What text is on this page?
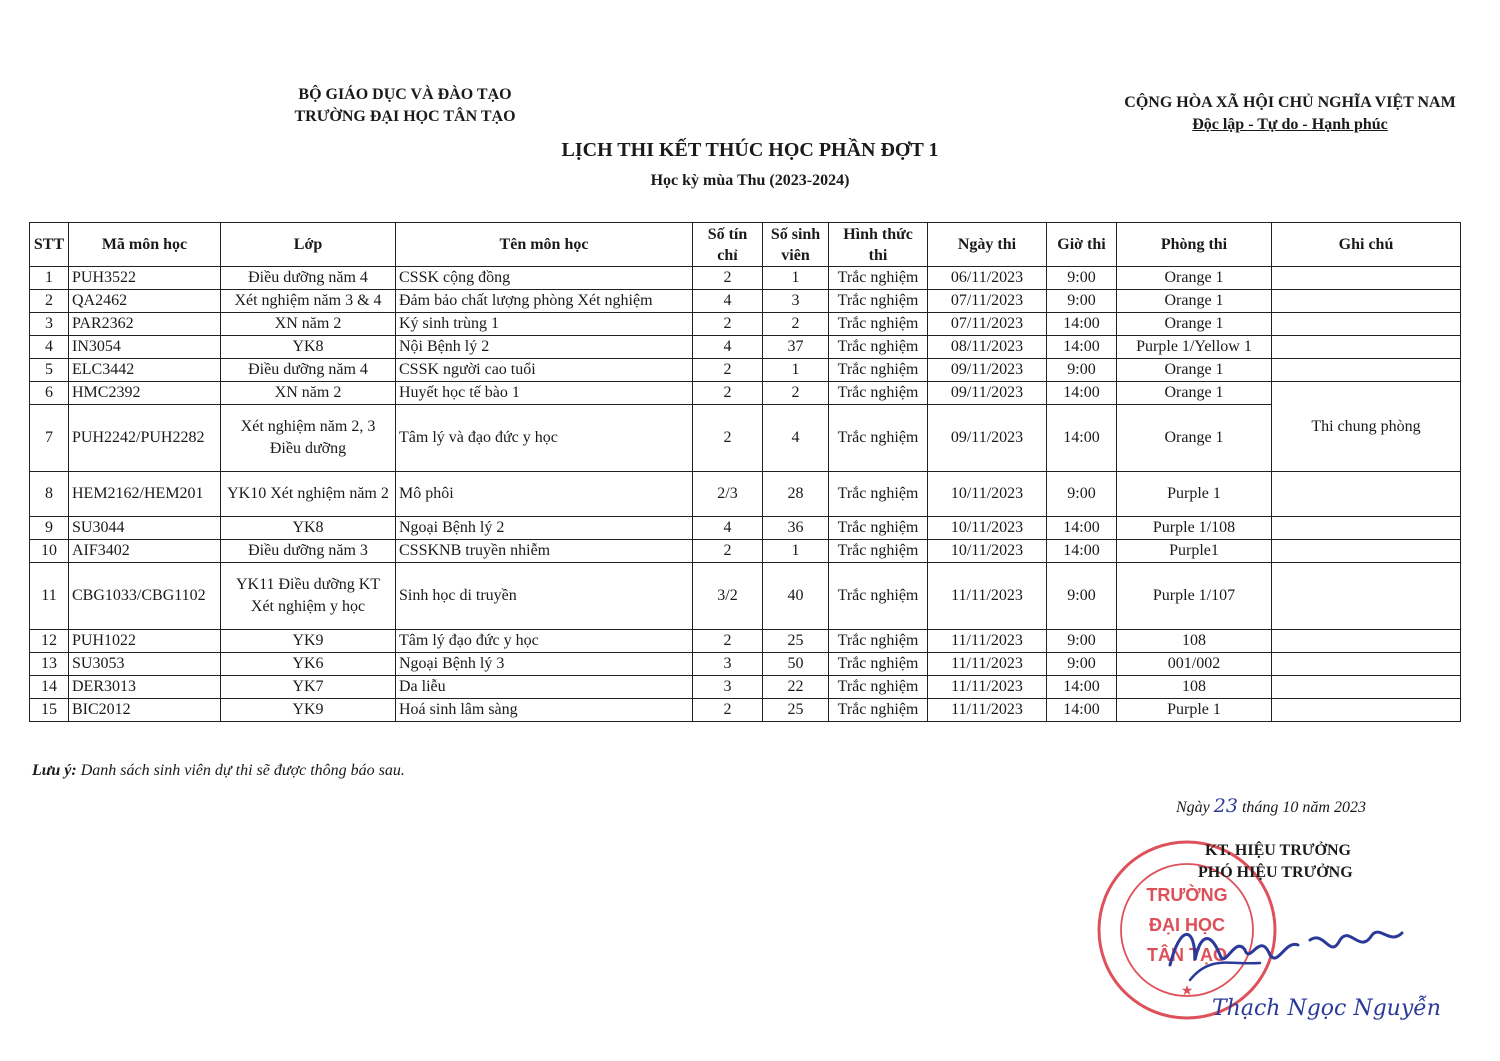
BỘ GIÁO DỤC VÀ ĐÀO TẠO
TRƯỜNG ĐẠI HỌC TÂN TẠO
CỘNG HÒA XÃ HỘI CHỦ NGHĨA VIỆT NAM
Độc lập - Tự do - Hạnh phúc
LỊCH THI KẾT THÚC HỌC PHẦN ĐỢT 1
Học kỳ mùa Thu (2023-2024)
STT	Mã môn học	Lớp	Tên môn học	Số tín chỉ	Số sinh viên	Hình thức thi	Ngày thi	Giờ thi	Phòng thi	Ghi chú
1	PUH3522	Điều dưỡng năm 4	CSSK cộng đồng	2	1	Trắc nghiệm	06/11/2023	9:00	Orange 1	
2	QA2462	Xét nghiệm năm 3 & 4	Đảm bảo chất lượng phòng Xét nghiệm	4	3	Trắc nghiệm	07/11/2023	9:00	Orange 1	
3	PAR2362	XN năm 2	Ký sinh trùng 1	2	2	Trắc nghiệm	07/11/2023	14:00	Orange 1	
4	IN3054	YK8	Nội Bệnh lý 2	4	37	Trắc nghiệm	08/11/2023	14:00	Purple 1/Yellow 1	
5	ELC3442	Điều dưỡng năm 4	CSSK người cao tuổi	2	1	Trắc nghiệm	09/11/2023	9:00	Orange 1	
6	HMC2392	XN năm 2	Huyết học tế bào 1	2	2	Trắc nghiệm	09/11/2023	14:00	Orange 1	Thi chung phòng
7	PUH2242/PUH2282	Xét nghiệm năm 2, 3 Điều dưỡng	Tâm lý và đạo đức y học	2	4	Trắc nghiệm	09/11/2023	14:00	Orange 1	
8	HEM2162/HEM201	YK10 Xét nghiệm năm 2	Mô phôi	2/3	28	Trắc nghiệm	10/11/2023	9:00	Purple 1	
9	SU3044	YK8	Ngoại Bệnh lý 2	4	36	Trắc nghiệm	10/11/2023	14:00	Purple 1/108	
10	AIF3402	Điều dưỡng năm 3	CSSKNB truyền nhiễm	2	1	Trắc nghiệm	10/11/2023	14:00	Purple1	
11	CBG1033/CBG1102	YK11 Điều dưỡng KT Xét nghiệm y học	Sinh học di truyền	3/2	40	Trắc nghiệm	11/11/2023	9:00	Purple 1/107	
12	PUH1022	YK9	Tâm lý đạo đức y học	2	25	Trắc nghiệm	11/11/2023	9:00	108	
13	SU3053	YK6	Ngoại Bệnh lý 3	3	50	Trắc nghiệm	11/11/2023	9:00	001/002	
14	DER3013	YK7	Da liễu	3	22	Trắc nghiệm	11/11/2023	14:00	108	
15	BIC2012	YK9	Hoá sinh lâm sàng	2	25	Trắc nghiệm	11/11/2023	14:00	Purple 1	
Lưu ý: Danh sách sinh viên dự thi sẽ được thông báo sau.
Ngày 23 tháng 10 năm 2023
TRƯỜNG
ĐẠI HỌC
TÂN TẠO
★
KT. HIỆU TRƯỞNG
PHÓ HIỆU TRƯỞNG
Thạch Ngọc Nguyễn
